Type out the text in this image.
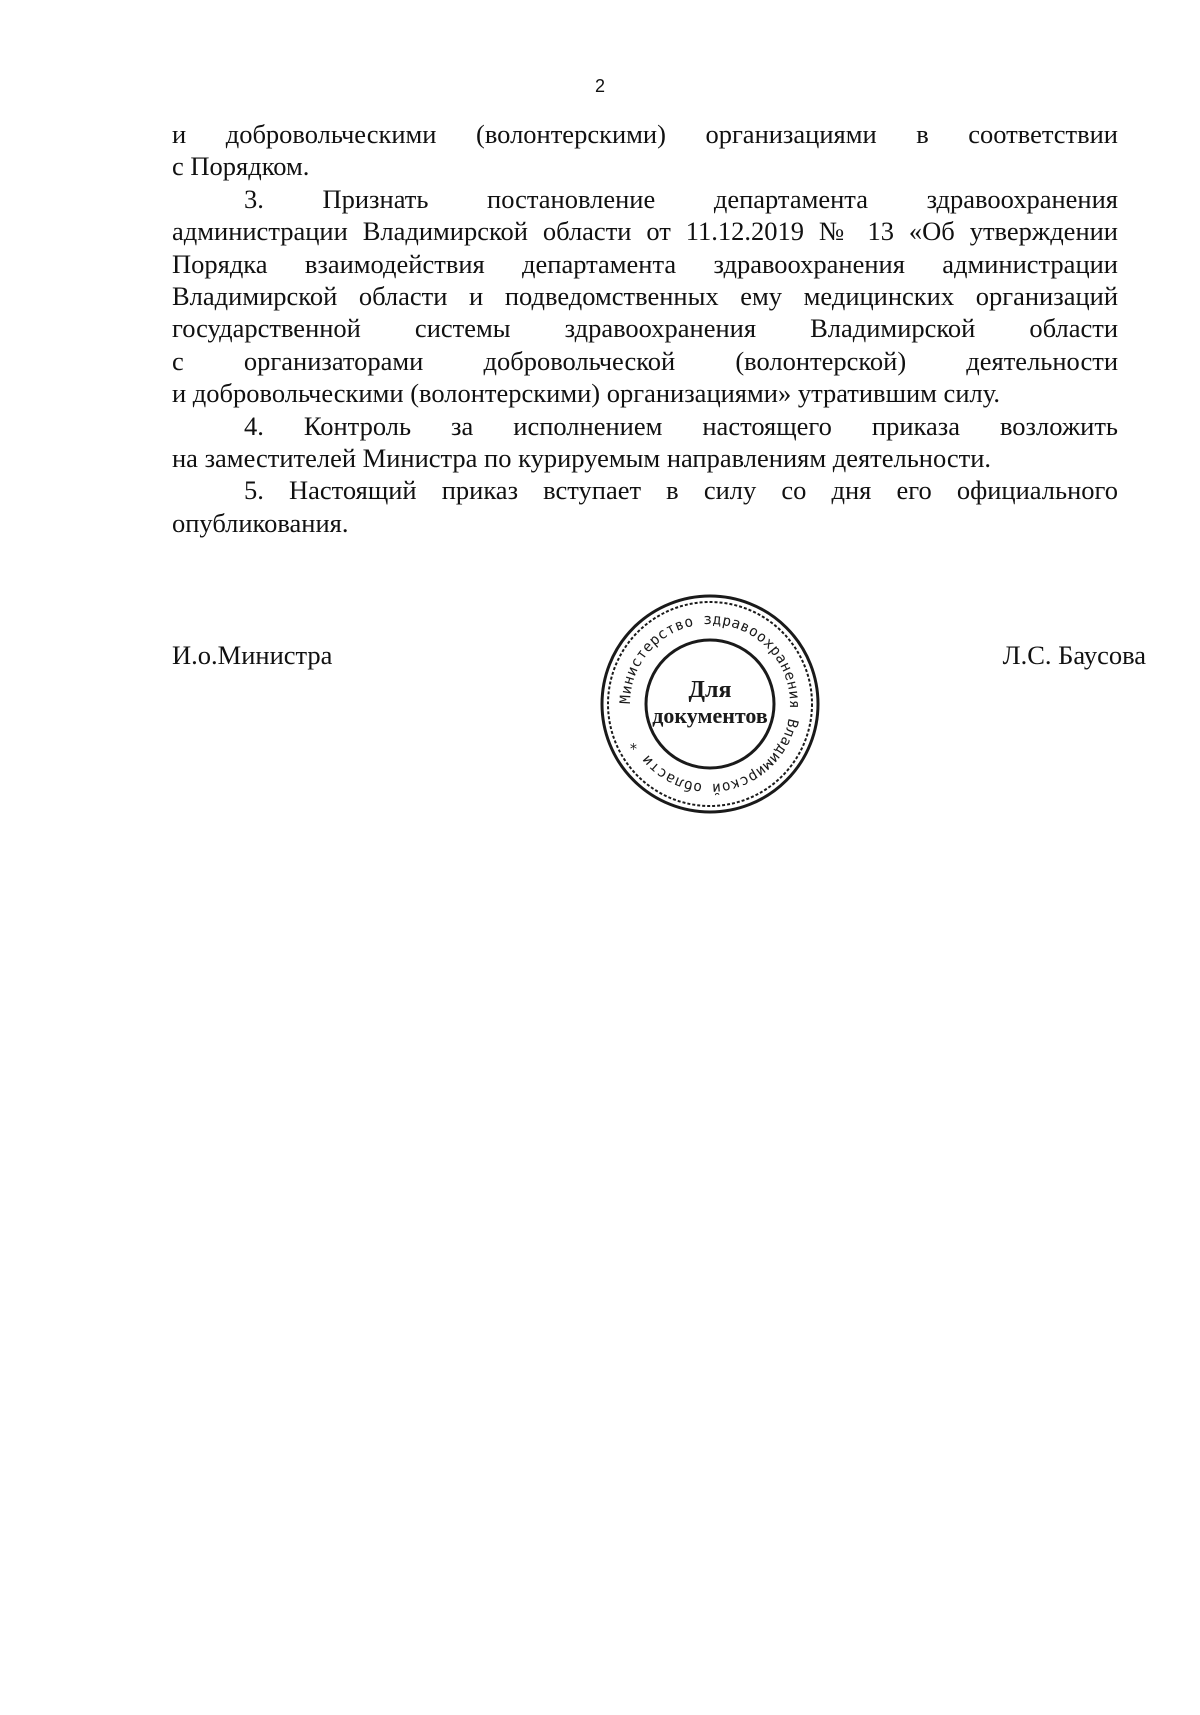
2

и добровольческими (волонтерскими) организациями в соответствии

с Порядком.

3. Признать постановление департамента здравоохранения

администрации Владимирской области от 11.12.2019 № 13 «Об утверждении

Порядка взаимодействия департамента здравоохранения администрации

Владимирской области и подведомственных ему медицинских организаций

государственной системы здравоохранения Владимирской области

с организаторами добровольческой (волонтерской) деятельности

и добровольческими (волонтерскими) организациями» утратившим силу.

4. Контроль за исполнением настоящего приказа возложить

на заместителей Министра по курируемым направлениям деятельности.

5. Настоящий приказ вступает в силу со дня его официального

опубликования.

И.о.Министра	Л.С. Баусова
Министерство здравоохранения Владимирской области *
Для
документов
